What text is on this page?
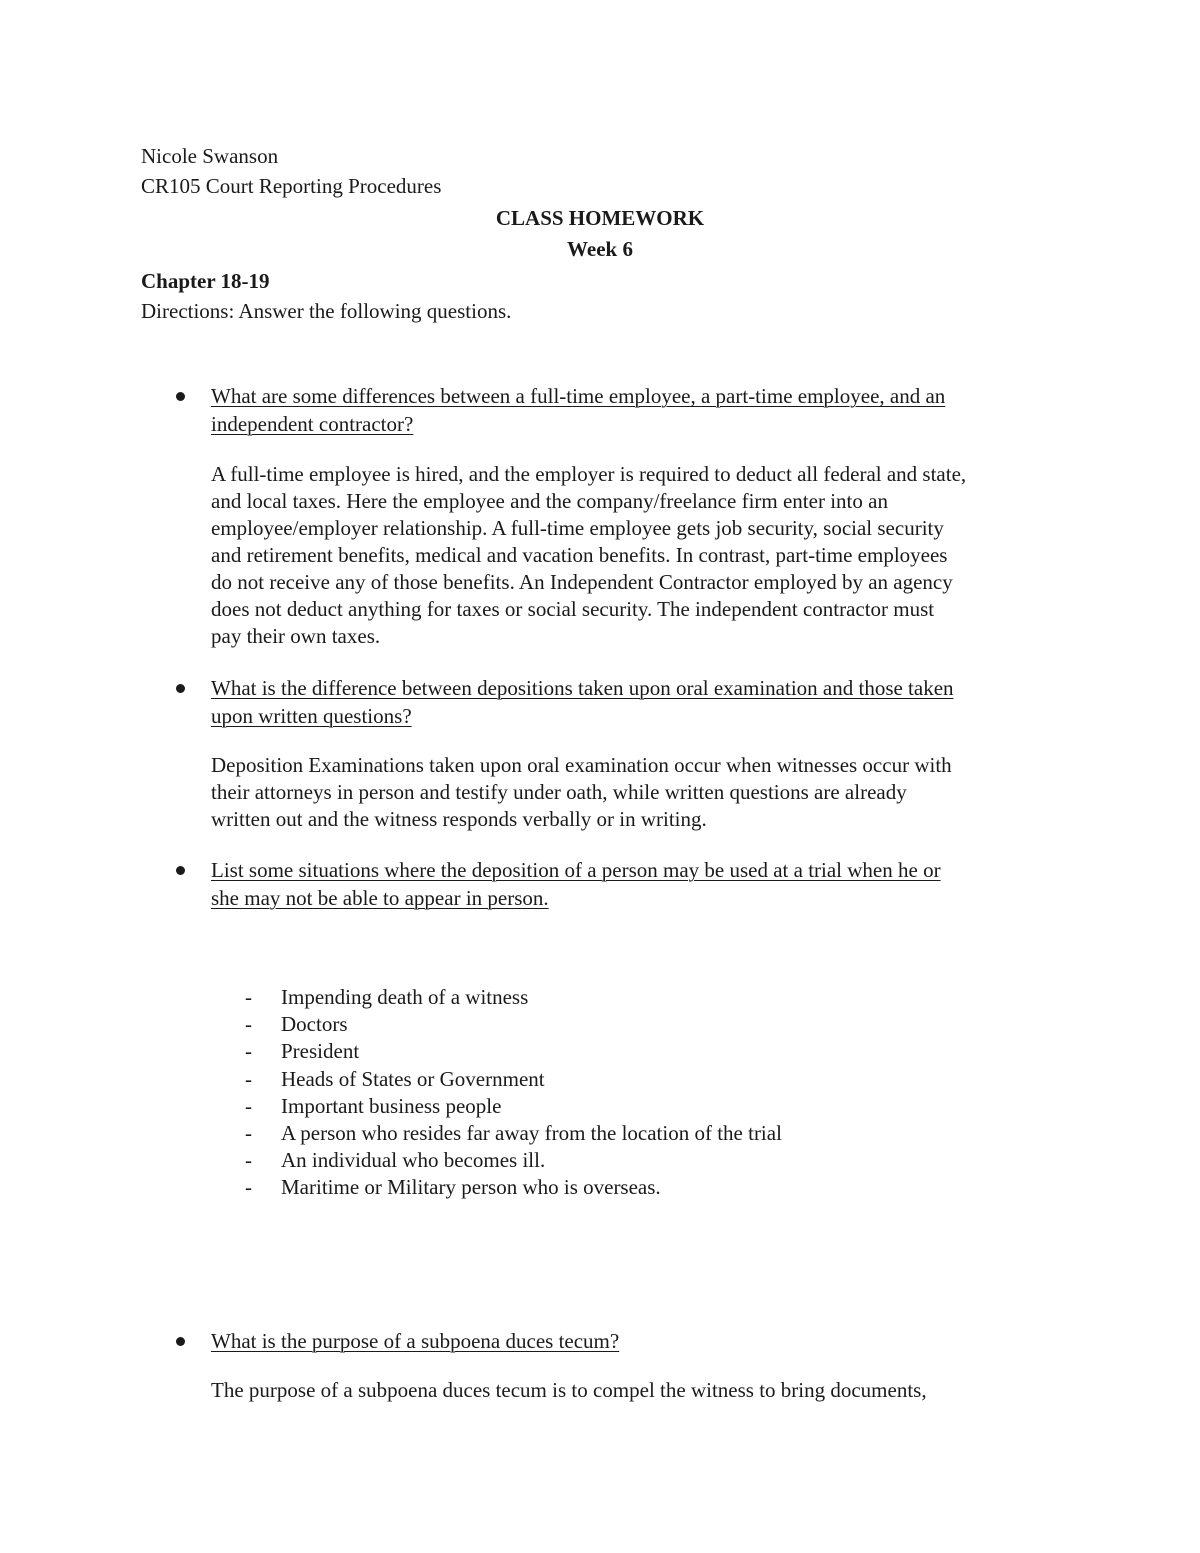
Nicole Swanson
CR105 Court Reporting Procedures
CLASS HOMEWORK
Week 6
Chapter 18-19
Directions: Answer the following questions.
What are some differences between a full-time employee, a part-time employee, and an
independent contractor?
A full-time employee is hired, and the employer is required to deduct all federal and state,
and local taxes. Here the employee and the company/freelance firm enter into an
employee/employer relationship. A full-time employee gets job security, social security
and retirement benefits, medical and vacation benefits. In contrast, part-time employees
do not receive any of those benefits. An Independent Contractor employed by an agency
does not deduct anything for taxes or social security. The independent contractor must
pay their own taxes.
What is the difference between depositions taken upon oral examination and those taken
upon written questions?
Deposition Examinations taken upon oral examination occur when witnesses occur with
their attorneys in person and testify under oath, while written questions are already
written out and the witness responds verbally or in writing.
List some situations where the deposition of a person may be used at a trial when he or
she may not be able to appear in person.
- Impending death of a witness
- Doctors
- President
- Heads of States or Government
- Important business people
- A person who resides far away from the location of the trial
- An individual who becomes ill.
- Maritime or Military person who is overseas.
What is the purpose of a subpoena duces tecum?
The purpose of a subpoena duces tecum is to compel the witness to bring documents,
